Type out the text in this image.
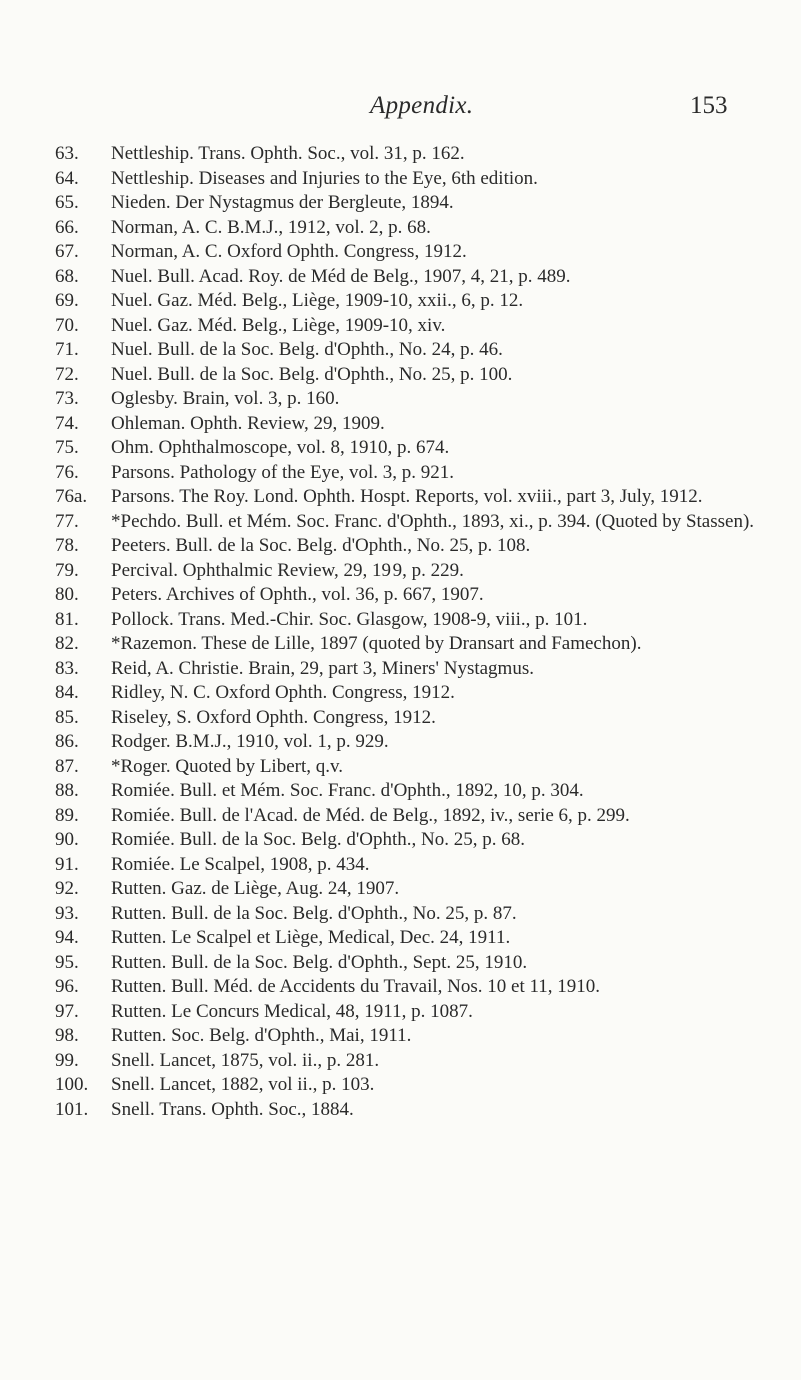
Appendix.	153
63.	Nettleship. Trans. Ophth. Soc., vol. 31, p. 162.
64.	Nettleship. Diseases and Injuries to the Eye, 6th edition.
65.	Nieden. Der Nystagmus der Bergleute, 1894.
66.	Norman, A. C. B.M.J., 1912, vol. 2, p. 68.
67.	Norman, A. C. Oxford Ophth. Congress, 1912.
68.	Nuel. Bull. Acad. Roy. de Méd de Belg., 1907, 4, 21, p. 489.
69.	Nuel. Gaz. Méd. Belg., Liège, 1909-10, xxii., 6, p. 12.
70.	Nuel. Gaz. Méd. Belg., Liège, 1909-10, xiv.
71.	Nuel. Bull. de la Soc. Belg. d'Ophth., No. 24, p. 46.
72.	Nuel. Bull. de la Soc. Belg. d'Ophth., No. 25, p. 100.
73.	Oglesby. Brain, vol. 3, p. 160.
74.	Ohleman. Ophth. Review, 29, 1909.
75.	Ohm. Ophthalmoscope, vol. 8, 1910, p. 674.
76.	Parsons. Pathology of the Eye, vol. 3, p. 921.
76a.	Parsons. The Roy. Lond. Ophth. Hospt. Reports, vol. xviii., part 3, July, 1912.
77.	*Pechdo. Bull. et Mém. Soc. Franc. d'Ophth., 1893, xi., p. 394. (Quoted by Stassen).
78.	Peeters. Bull. de la Soc. Belg. d'Ophth., No. 25, p. 108.
79.	Percival. Ophthalmic Review, 29, 19 9, p. 229.
80.	Peters. Archives of Ophth., vol. 36, p. 667, 1907.
81.	Pollock. Trans. Med.-Chir. Soc. Glasgow, 1908-9, viii., p. 101.
82.	*Razemon. These de Lille, 1897 (quoted by Dransart and Famechon).
83.	Reid, A. Christie. Brain, 29, part 3, Miners' Nystagmus.
84.	Ridley, N. C. Oxford Ophth. Congress, 1912.
85.	Riseley, S. Oxford Ophth. Congress, 1912.
86.	Rodger. B.M.J., 1910, vol. 1, p. 929.
87.	*Roger. Quoted by Libert, q.v.
88.	Romiée. Bull. et Mém. Soc. Franc. d'Ophth., 1892, 10, p. 304.
89.	Romiée. Bull. de l'Acad. de Méd. de Belg., 1892, iv., serie 6, p. 299.
90.	Romiée. Bull. de la Soc. Belg. d'Ophth., No. 25, p. 68.
91.	Romiée. Le Scalpel, 1908, p. 434.
92.	Rutten. Gaz. de Liège, Aug. 24, 1907.
93.	Rutten. Bull. de la Soc. Belg. d'Ophth., No. 25, p. 87.
94.	Rutten. Le Scalpel et Liège, Medical, Dec. 24, 1911.
95.	Rutten. Bull. de la Soc. Belg. d'Ophth., Sept. 25, 1910.
96.	Rutten. Bull. Méd. de Accidents du Travail, Nos. 10 et 11, 1910.
97.	Rutten. Le Concurs Medical, 48, 1911, p. 1087.
98.	Rutten. Soc. Belg. d'Ophth., Mai, 1911.
99.	Snell. Lancet, 1875, vol. ii., p. 281.
100.	Snell. Lancet, 1882, vol ii., p. 103.
101.	Snell. Trans. Ophth. Soc., 1884.
